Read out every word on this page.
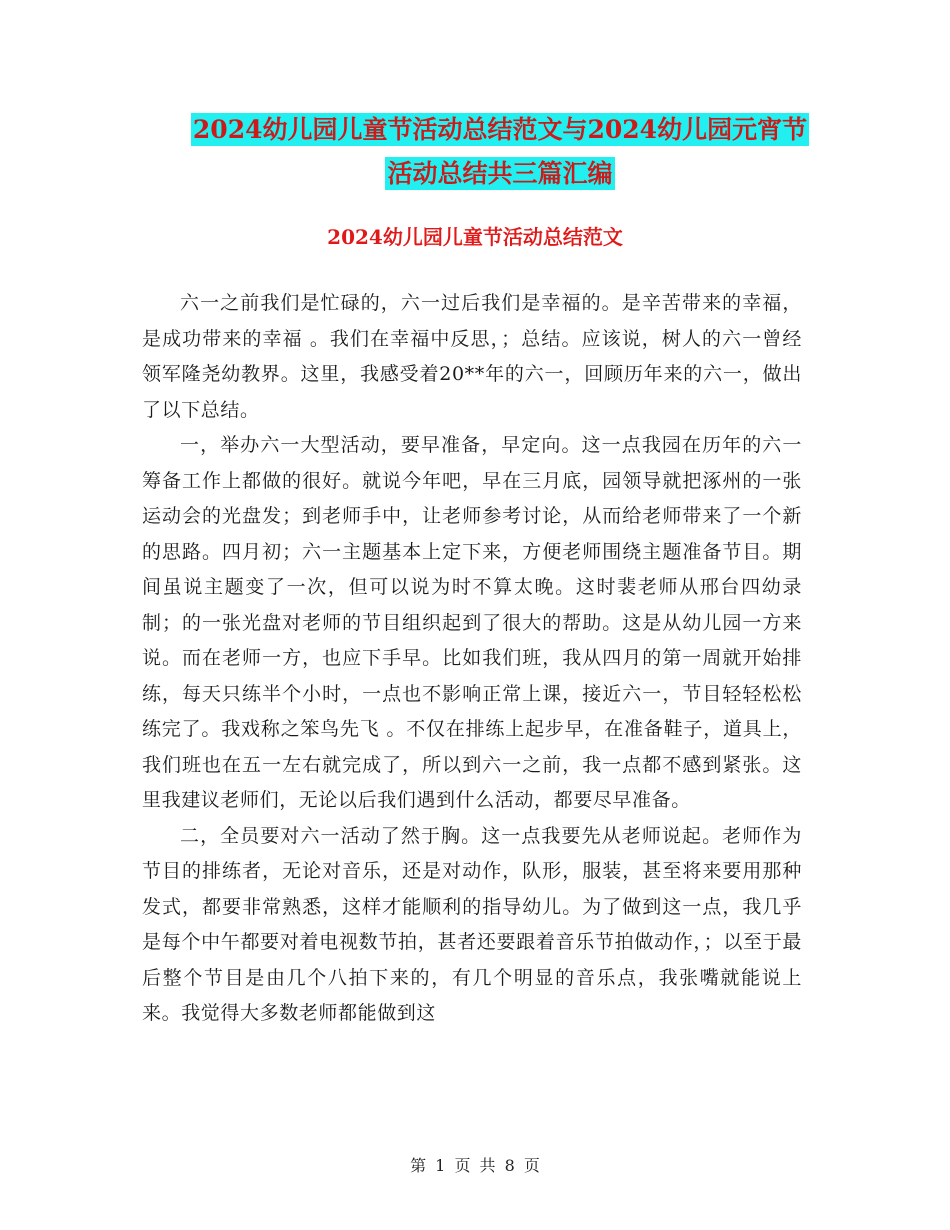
2024幼儿园儿童节活动总结范文与2024幼儿园元宵节
活动总结共三篇汇编
2024幼儿园儿童节活动总结范文

六一之前我们是忙碌的，六一过后我们是幸福的。是辛苦带来的幸福，是成功带来的幸福 。我们在幸福中反思，；总结。应该说，树人的六一曾经领军隆尧幼教界。这里，我感受着20**年的六一，回顾历年来的六一，做出了以下总结。

一，举办六一大型活动，要早准备，早定向。这一点我园在历年的六一筹备工作上都做的很好。就说今年吧，早在三月底，园领导就把涿州的一张运动会的光盘发；到老师手中，让老师参考讨论，从而给老师带来了一个新的思路。四月初；六一主题基本上定下来，方便老师围绕主题准备节目。期间虽说主题变了一次，但可以说为时不算太晚。这时裴老师从邢台四幼录制；的一张光盘对老师的节目组织起到了很大的帮助。这是从幼儿园一方来说。而在老师一方，也应下手早。比如我们班，我从四月的第一周就开始排练，每天只练半个小时，一点也不影响正常上课，接近六一，节目轻轻松松练完了。我戏称之笨鸟先飞 。不仅在排练上起步早，在准备鞋子，道具上，我们班也在五一左右就完成了，所以到六一之前，我一点都不感到紧张。这里我建议老师们，无论以后我们遇到什么活动，都要尽早准备。

二，全员要对六一活动了然于胸。这一点我要先从老师说起。老师作为节目的排练者，无论对音乐，还是对动作，队形，服装，甚至将来要用那种发式，都要非常熟悉，这样才能顺利的指导幼儿。为了做到这一点，我几乎是每个中午都要对着电视数节拍，甚者还要跟着音乐节拍做动作，；以至于最后整个节目是由几个八拍下来的，有几个明显的音乐点，我张嘴就能说上来。我觉得大多数老师都能做到这

第 1 页 共 8 页
